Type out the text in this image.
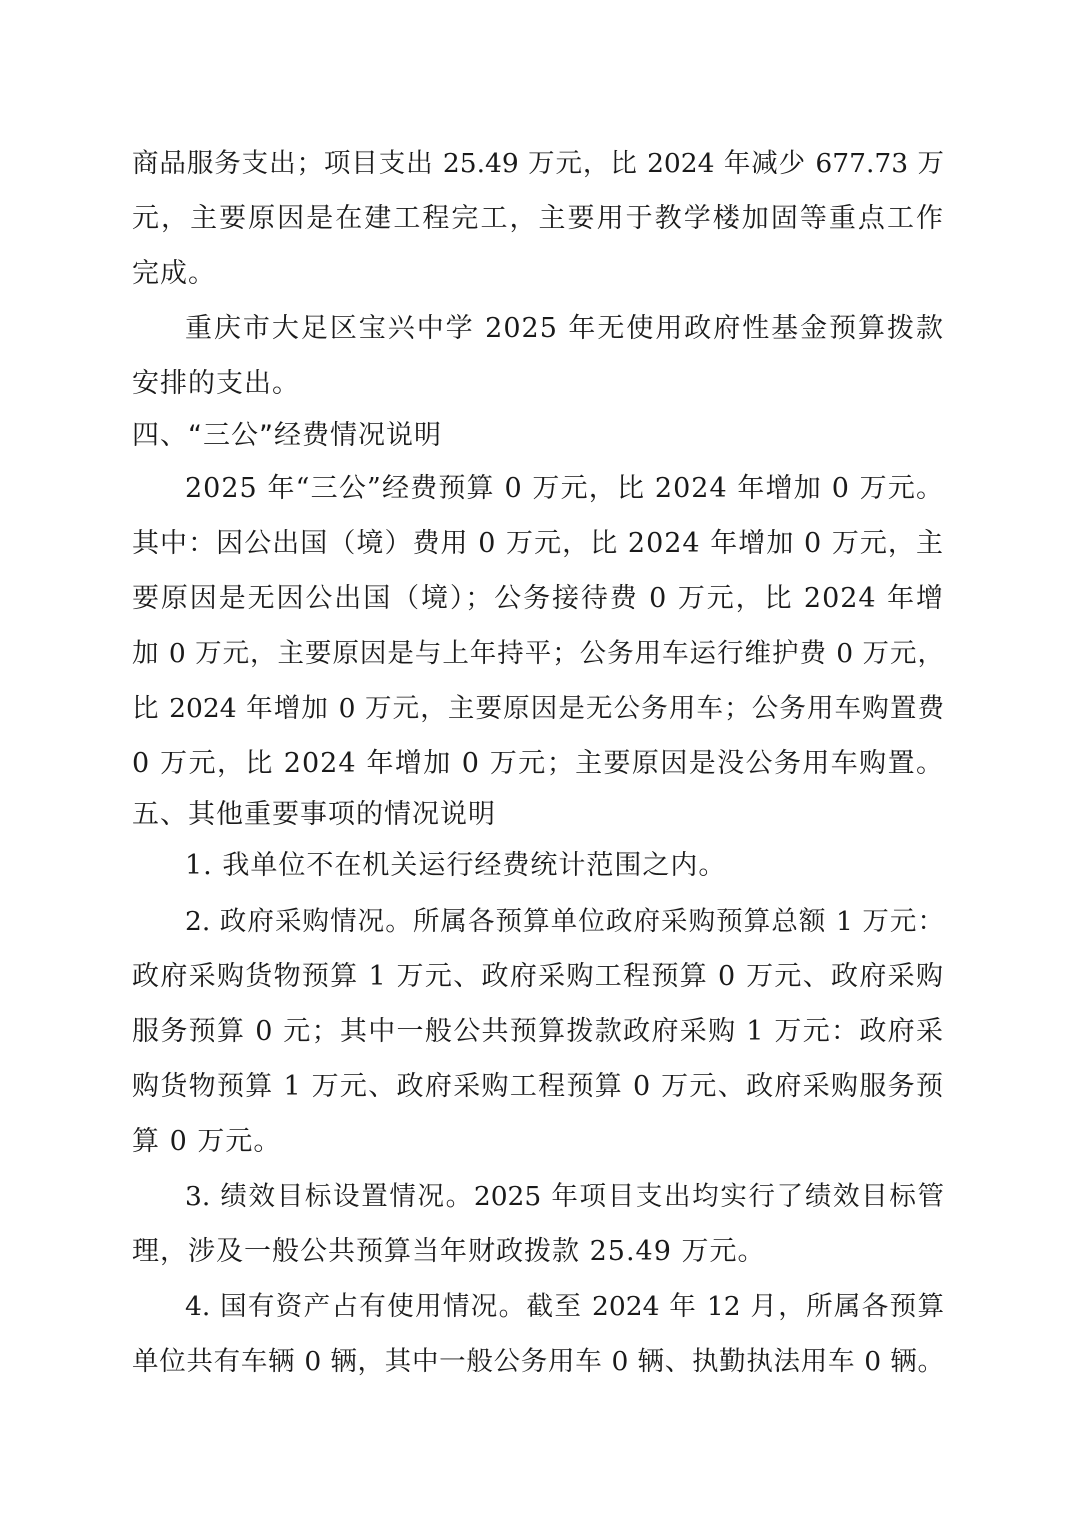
商品服务支出；项目支出 25.49 万元，比 2024 年减少 677.73 万
元，主要原因是在建工程完工，主要用于教学楼加固等重点工作
完成。
重庆市大足区宝兴中学 2025 年无使用政府性基金预算拨款
安排的支出。
四、“三公”经费情况说明
2025 年“三公”经费预算 0 万元，比 2024 年增加 0 万元。
其中：因公出国（境）费用 0 万元，比 2024 年增加 0 万元，主
要原因是无因公出国（境）；公务接待费 0 万元，比 2024 年增
加 0 万元，主要原因是与上年持平；公务用车运行维护费 0 万元，
比 2024 年增加 0 万元，主要原因是无公务用车；公务用车购置费
0 万元，比 2024 年增加 0 万元；主要原因是没公务用车购置。
五、其他重要事项的情况说明
1. 我单位不在机关运行经费统计范围之内。
2. 政府采购情况。所属各预算单位政府采购预算总额 1 万元：
政府采购货物预算 1 万元、政府采购工程预算 0 万元、政府采购
服务预算 0 元；其中一般公共预算拨款政府采购 1 万元：政府采
购货物预算 1 万元、政府采购工程预算 0 万元、政府采购服务预
算 0 万元。
3. 绩效目标设置情况。2025 年项目支出均实行了绩效目标管
理，涉及一般公共预算当年财政拨款 25.49 万元。
4. 国有资产占有使用情况。截至 2024 年 12 月，所属各预算
单位共有车辆 0 辆，其中一般公务用车 0 辆、执勤执法用车 0 辆。
